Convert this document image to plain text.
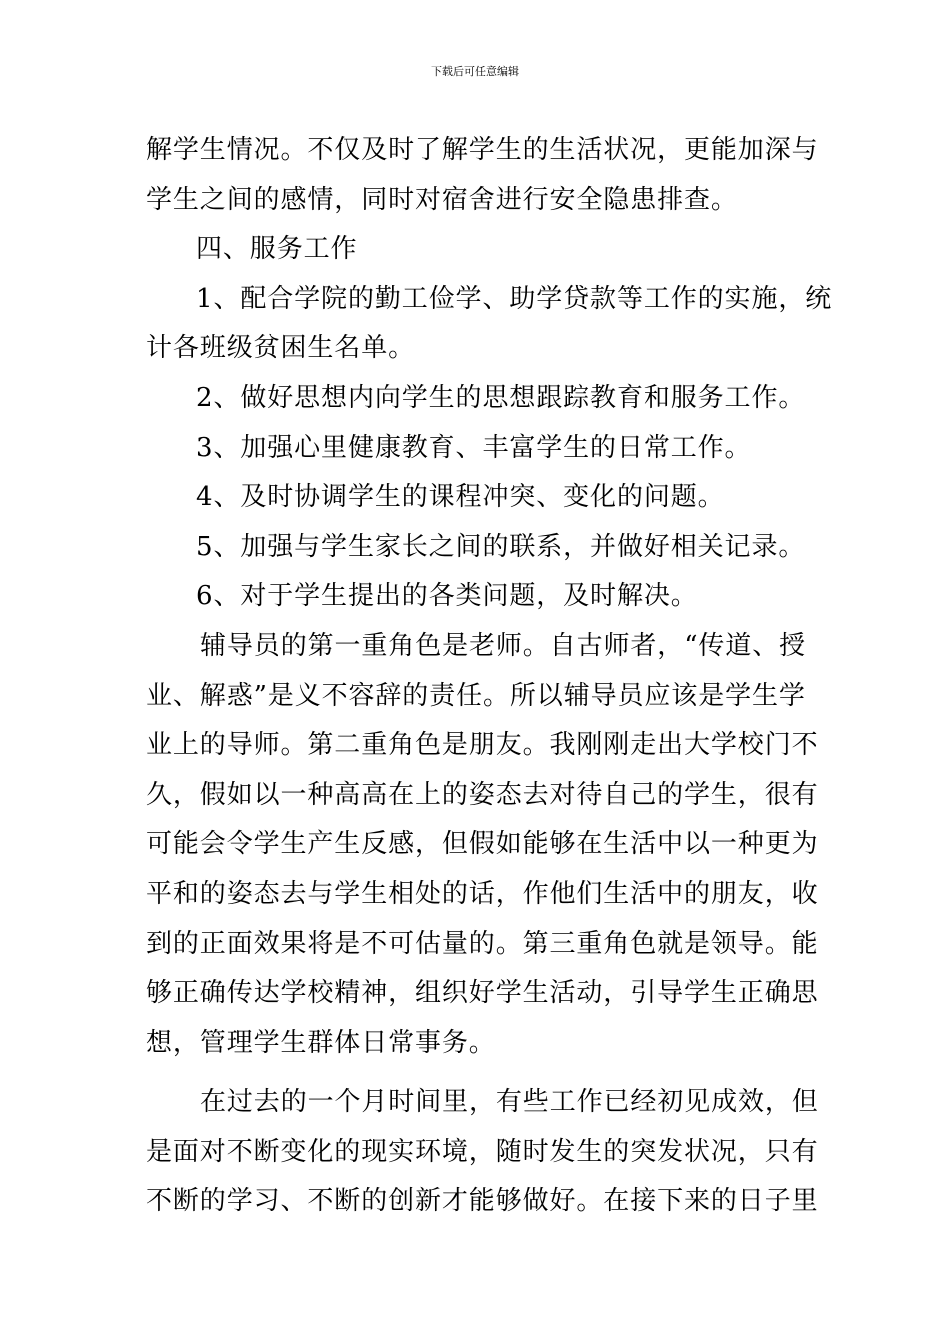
下载后可任意编辑
解学生情况。不仅及时了解学生的生活状况，更能加深与
学生之间的感情，同时对宿舍进行安全隐患排查。
四、服务工作
1、配合学院的勤工俭学、助学贷款等工作的实施，统
计各班级贫困生名单。
2、做好思想内向学生的思想跟踪教育和服务工作。
3、加强心里健康教育、丰富学生的日常工作。
4、及时协调学生的课程冲突、变化的问题。
5、加强与学生家长之间的联系，并做好相关记录。
6、对于学生提出的各类问题，及时解决。
辅导员的第一重角色是老师。自古师者，“传道、授
业、解惑”是义不容辞的责任。所以辅导员应该是学生学
业上的导师。第二重角色是朋友。我刚刚走出大学校门不
久，假如以一种高高在上的姿态去对待自己的学生，很有
可能会令学生产生反感，但假如能够在生活中以一种更为
平和的姿态去与学生相处的话，作他们生活中的朋友，收
到的正面效果将是不可估量的。第三重角色就是领导。能
够正确传达学校精神，组织好学生活动，引导学生正确思
想，管理学生群体日常事务。
在过去的一个月时间里，有些工作已经初见成效，但
是面对不断变化的现实环境，随时发生的突发状况，只有
不断的学习、不断的创新才能够做好。在接下来的日子里
